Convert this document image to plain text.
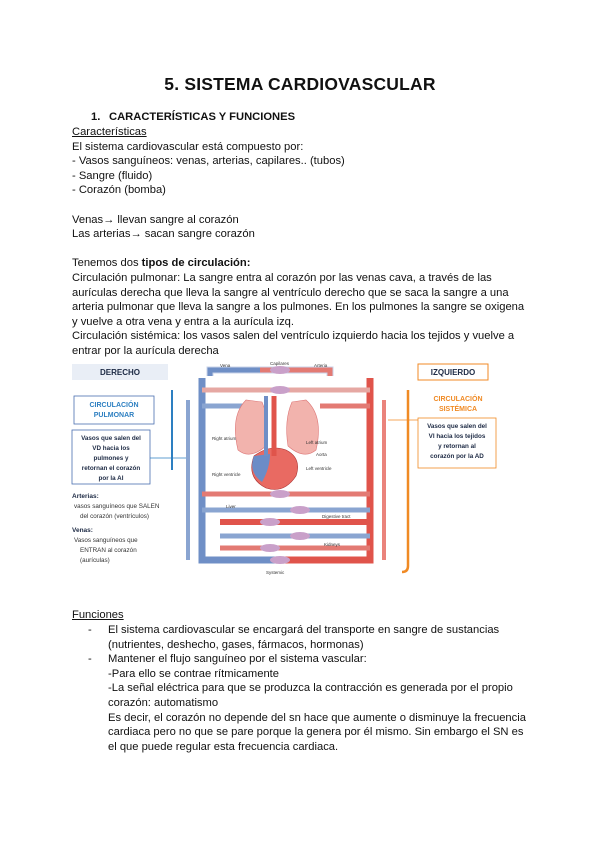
5. SISTEMA CARDIOVASCULAR
1. CARACTERÍSTICAS Y FUNCIONES
Características
El sistema cardiovascular está compuesto por:
- Vasos sanguíneos: venas, arterias, capilares.. (tubos)
- Sangre (fluido)
- Corazón (bomba)
Venas→ llevan sangre al corazón
Las arterias→ sacan sangre corazón
Tenemos dos tipos de circulación:
Circulación pulmonar: La sangre entra al corazón por las venas cava, a través de las
aurículas derecha que lleva la sangre al ventrículo derecho que se saca la sangre a una
arteria pulmonar que lleva la sangre a los pulmones. En los pulmones la sangre se oxigena
y vuelve a otra vena y entra a la aurícula izq.
Circulación sistémica: los vasos salen del ventrículo izquierdo hacia los tejidos y vuelve a
entrar por la aurícula derecha
DERECHO	IZQUIERDO
CIRCULACIÓN
PULMONAR
CIRCULACIÓN
SISTÉMICA
Vasos que salen del
VD hacia los
pulmones y
retornan el corazón
por la AI
Vasos que salen del
VI hacia los tejidos
y retornan al
corazón por la AD
Arterias:
vasos sanguíneos que SALEN
del corazón (ventrículos)
Venas:
Vasos sanguíneos que
ENTRAN al corazón
(aurículas)
Vena	Capilares	Arteria
Right atrium
Right ventricle
Left atrium
Left ventricle
Aorta
Liver
Digestive tract
Kidneys
Systemic
Funciones
- El sistema cardiovascular se encargará del transporte en sangre de sustancias
(nutrientes, deshecho, gases, fármacos, hormonas)
- Mantener el flujo sanguíneo por el sistema vascular:
-Para ello se contrae rítmicamente
-La señal eléctrica para que se produzca la contracción es generada por el propio
corazón: automatismo
Es decir, el corazón no depende del sn hace que aumente o disminuye la frecuencia
cardiaca pero no que se pare porque la genera por él mismo. Sin embargo el SN es
el que puede regular esta frecuencia cardiaca.
